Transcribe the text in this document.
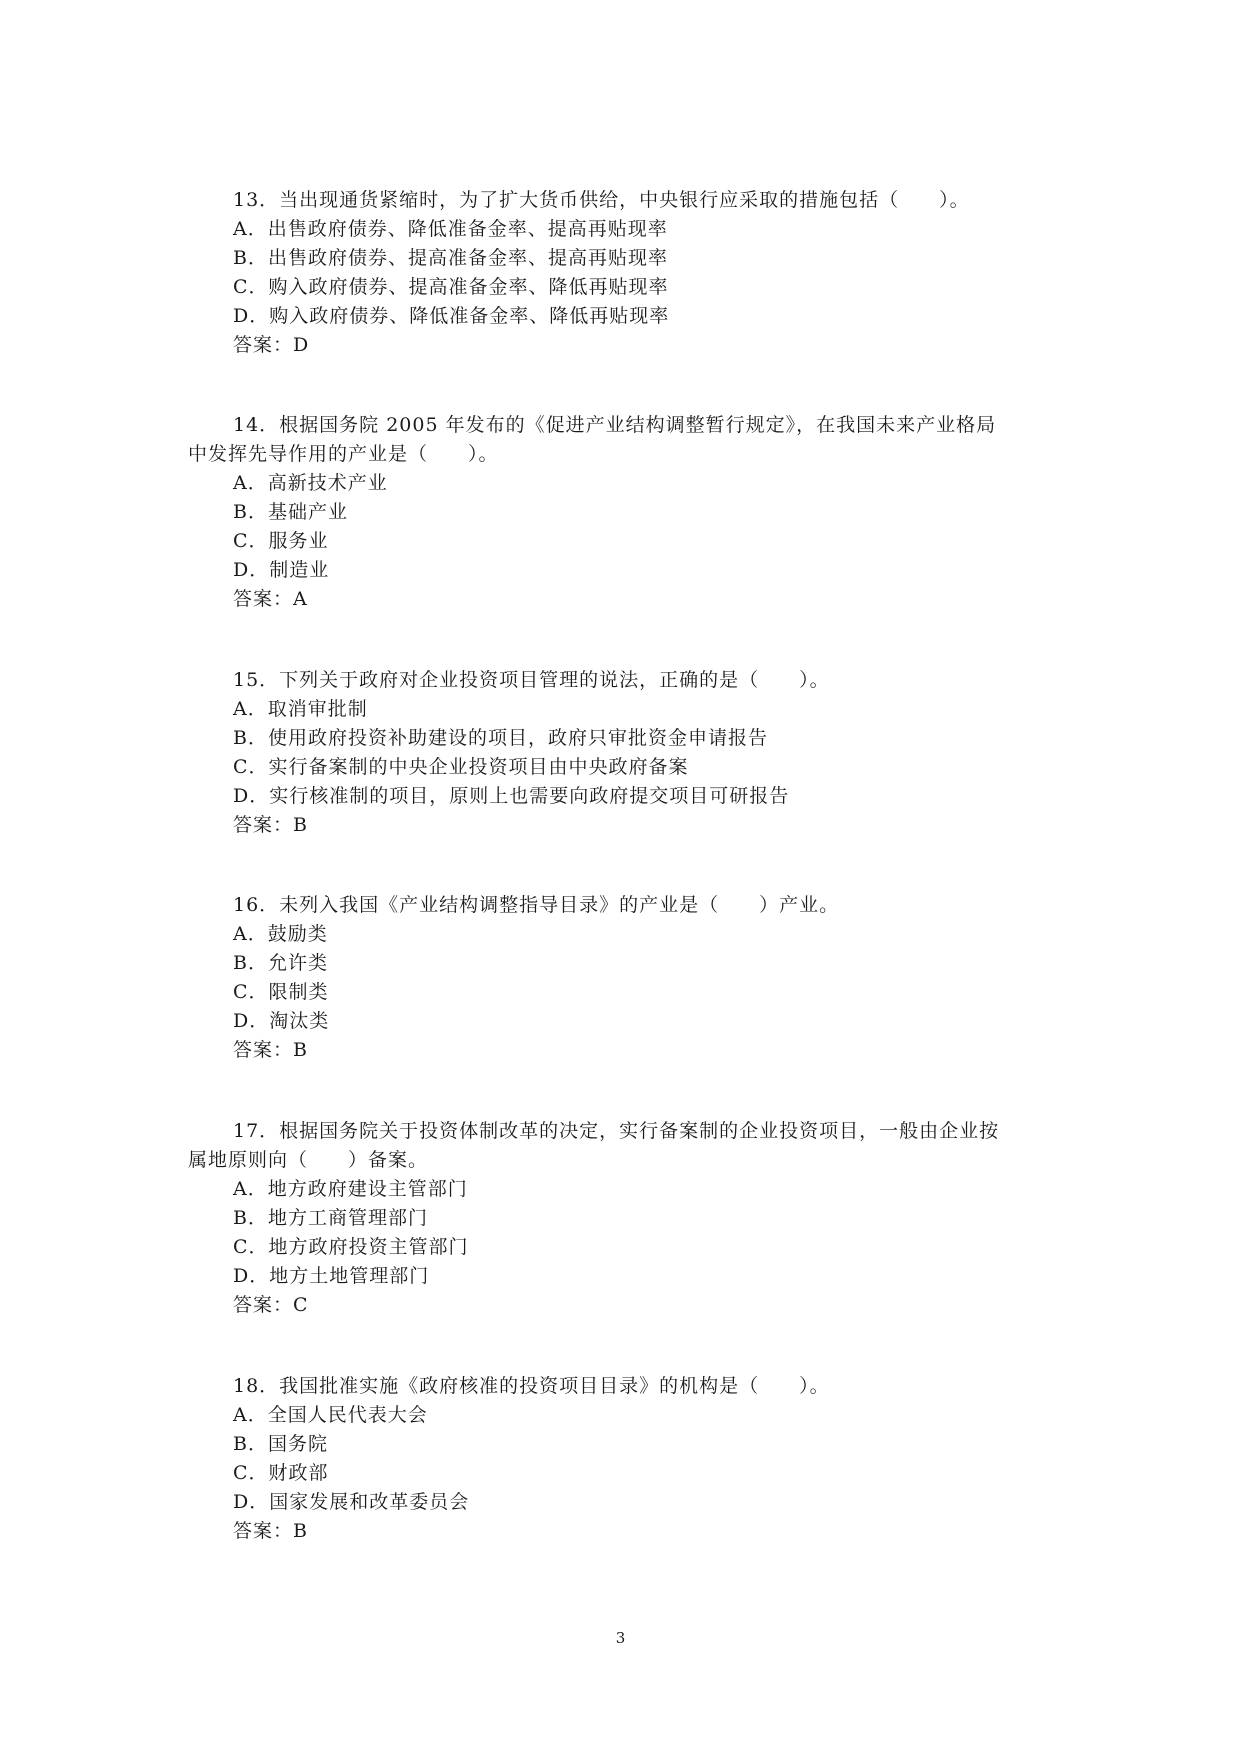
13．当出现通货紧缩时，为了扩大货币供给，中央银行应采取的措施包括（　　）。
A．出售政府债券、降低准备金率、提高再贴现率
B．出售政府债券、提高准备金率、提高再贴现率
C．购入政府债券、提高准备金率、降低再贴现率
D．购入政府债券、降低准备金率、降低再贴现率
答案：D
14．根据国务院 2005 年发布的《促进产业结构调整暂行规定》，在我国未来产业格局
中发挥先导作用的产业是（　　）。
A．高新技术产业
B．基础产业
C．服务业
D．制造业
答案：A
15．下列关于政府对企业投资项目管理的说法，正确的是（　　）。
A．取消审批制
B．使用政府投资补助建设的项目，政府只审批资金申请报告
C．实行备案制的中央企业投资项目由中央政府备案
D．实行核准制的项目，原则上也需要向政府提交项目可研报告
答案：B
16．未列入我国《产业结构调整指导目录》的产业是（　　）产业。
A．鼓励类
B．允许类
C．限制类
D．淘汰类
答案：B
17．根据国务院关于投资体制改革的决定，实行备案制的企业投资项目，一般由企业按
属地原则向（　　）备案。
A．地方政府建设主管部门
B．地方工商管理部门
C．地方政府投资主管部门
D．地方土地管理部门
答案：C
18．我国批准实施《政府核准的投资项目目录》的机构是（　　）。
A．全国人民代表大会
B．国务院
C．财政部
D．国家发展和改革委员会
答案：B
3
